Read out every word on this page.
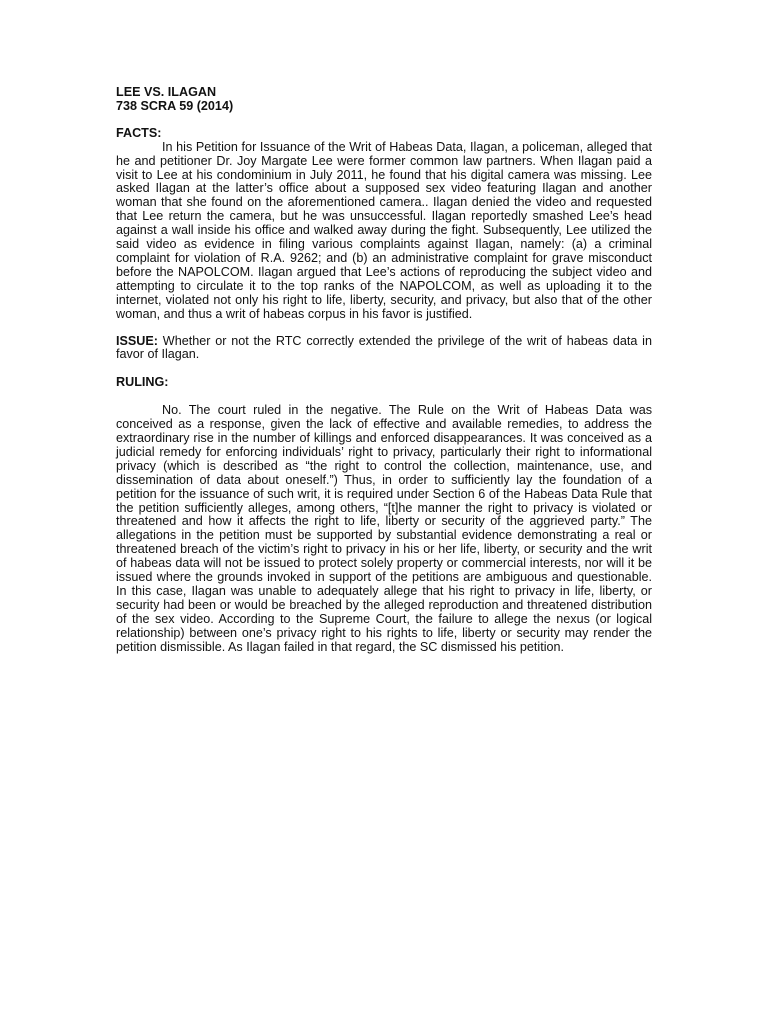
LEE VS. ILAGAN
738 SCRA 59 (2014)
FACTS:

In his Petition for Issuance of the Writ of Habeas Data, Ilagan, a policeman, alleged that he and petitioner Dr. Joy Margate Lee were former common law partners. When Ilagan paid a visit to Lee at his condominium in July 2011, he found that his digital camera was missing. Lee asked Ilagan at the latter’s office about a supposed sex video featuring Ilagan and another woman that she found on the aforementioned camera.. Ilagan denied the video and requested that Lee return the camera, but he was unsuccessful. Ilagan reportedly smashed Lee’s head against a wall inside his office and walked away during the fight. Subsequently, Lee utilized the said video as evidence in filing various complaints against Ilagan, namely: (a) a criminal complaint for violation of R.A. 9262; and (b) an administrative complaint for grave misconduct before the NAPOLCOM. Ilagan argued that Lee’s actions of reproducing the subject video and attempting to circulate it to the top ranks of the NAPOLCOM, as well as uploading it to the internet, violated not only his right to life, liberty, security, and privacy, but also that of the other woman, and thus a writ of habeas corpus in his favor is justified.

ISSUE: Whether or not the RTC correctly extended the privilege of the writ of habeas data in favor of Ilagan.

RULING:

No. The court ruled in the negative. The Rule on the Writ of Habeas Data was conceived as a response, given the lack of effective and available remedies, to address the extraordinary rise in the number of killings and enforced disappearances. It was conceived as a judicial remedy for enforcing individuals’ right to privacy, particularly their right to informational privacy (which is described as “the right to control the collection, maintenance, use, and dissemination of data about oneself.”) Thus, in order to sufficiently lay the foundation of a petition for the issuance of such writ, it is required under Section 6 of the Habeas Data Rule that the petition sufficiently alleges, among others, “[t]he manner the right to privacy is violated or threatened and how it affects the right to life, liberty or security of the aggrieved party.” The allegations in the petition must be supported by substantial evidence demonstrating a real or threatened breach of the victim’s right to privacy in his or her life, liberty, or security and the writ of habeas data will not be issued to protect solely property or commercial interests, nor will it be issued where the grounds invoked in support of the petitions are ambiguous and questionable. In this case, Ilagan was unable to adequately allege that his right to privacy in life, liberty, or security had been or would be breached by the alleged reproduction and threatened distribution of the sex video. According to the Supreme Court, the failure to allege the nexus (or logical relationship) between one’s privacy right to his rights to life, liberty or security may render the petition dismissible. As Ilagan failed in that regard, the SC dismissed his petition.
